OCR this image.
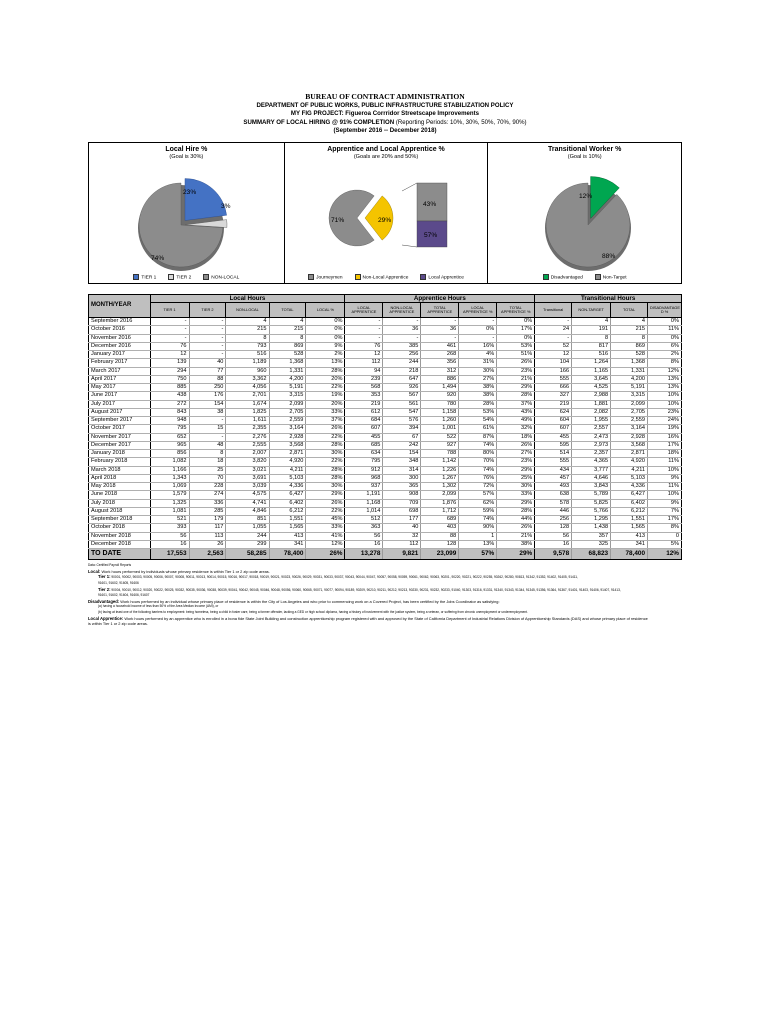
BUREAU OF CONTRACT ADMINISTRATION
DEPARTMENT OF PUBLIC WORKS, PUBLIC INFRASTRUCTURE STABILIZATION POLICY
MY FIG PROJECT: Figueroa Corrridor Streetscape Improvements
SUMMARY OF LOCAL HIRING @ 91% COMPLETION (Reporting Periods: 10%, 30%, 50%, 70%, 90%)
(September 2016 -- December 2018)
Local Hire %
(Goal is 30%)
23%
3%
74%
TIER 1	TIER 2	NON-LOCAL
Apprentice and Local Apprentice %
(Goals are 20% and 50%)
71%	29%
43%
57%
Journeymen	Non-Local Apprentice	Local Apprentice
Transitional Worker %
(Goal is 10%)
12%
88%
Disadvantaged	Non-Target
MONTH/YEAR	Local Hours					Apprentice Hours					Transitional Hours			
	TIER 1	TIER 2	NON-LOCAL	TOTAL	LOCAL %	LOCAL APPRENTICE	NON-LOCAL APPRENTICE	TOTAL APPRENTICE	LOCAL APPRENTICE %	TOTAL APPRENTICE %	Transitional	NON-TARGET	TOTAL	DISADVANTAGE D %
September 2016	-	-	4	4	0%	-	-	-	-	0%	-	4	4	0%
October 2016	-	-	215	215	0%	-	36	36	0%	17%	24	191	215	11%
November 2016	-	-	8	8	0%	-	-	-	-	0%	-	8	8	0%
December 2016	76	-	793	869	9%	76	385	461	16%	53%	52	817	869	6%
January 2017	12	-	516	528	2%	12	256	268	4%	51%	12	516	528	2%
February 2017	139	40	1,189	1,368	13%	112	244	356	31%	26%	104	1,264	1,368	8%
March 2017	294	77	960	1,331	28%	94	218	312	30%	23%	166	1,165	1,331	12%
April 2017	750	88	3,362	4,200	20%	239	647	886	27%	21%	555	3,645	4,200	13%
May 2017	885	250	4,056	5,191	22%	568	926	1,494	38%	29%	666	4,525	5,191	13%
June 2017	438	176	2,701	3,315	19%	353	567	920	38%	28%	327	2,988	3,315	10%
July 2017	272	154	1,674	2,099	20%	219	561	780	28%	37%	219	1,881	2,099	10%
August 2017	843	38	1,825	2,705	33%	612	547	1,158	53%	43%	624	2,082	2,705	23%
September 2017	948	-	1,611	2,559	37%	684	576	1,260	54%	49%	604	1,955	2,559	24%
October 2017	795	15	2,355	3,164	26%	607	394	1,001	61%	32%	607	2,557	3,164	19%
November 2017	652	-	2,276	2,928	22%	455	67	522	87%	18%	455	2,473	2,928	16%
December 2017	965	48	2,555	3,568	28%	685	242	927	74%	26%	595	2,973	3,568	17%
January 2018	856	8	2,007	2,871	30%	634	154	788	80%	27%	514	2,357	2,871	18%
February 2018	1,082	18	3,820	4,920	22%	795	348	1,142	70%	23%	555	4,365	4,920	11%
March 2018	1,166	25	3,021	4,211	28%	912	314	1,226	74%	29%	434	3,777	4,211	10%
April 2018	1,343	70	3,691	5,103	28%	968	300	1,267	76%	25%	457	4,646	5,103	9%
May 2018	1,069	228	3,039	4,336	30%	937	365	1,302	72%	30%	493	3,843	4,336	11%
June 2018	1,579	274	4,575	6,427	29%	1,191	908	2,099	57%	33%	638	5,789	6,427	10%
July 2018	1,325	336	4,741	6,402	26%	1,168	709	1,876	62%	29%	578	5,825	6,402	9%
August 2018	1,081	285	4,846	6,212	22%	1,014	698	1,712	59%	28%	446	5,766	6,212	7%
September 2018	521	179	851	1,551	45%	512	177	689	74%	44%	256	1,295	1,551	17%
October 2018	393	117	1,055	1,565	33%	363	40	403	90%	26%	128	1,438	1,565	8%
November 2018	56	113	244	413	41%	56	32	88	1	21%	56	357	413	0
December 2018	16	26	299	341	12%	16	112	128	13%	38%	16	325	341	5%
TO DATE	17,553	2,563	58,285	78,400	26%	13,278	9,821	23,099	57%	29%	9,578	68,823	78,400	12%
Data: Certified Payroll Reports
Local: Work hours performed by individuals whose primary residence is within Tier 1 or 2 zip code areas.
Tier 1: 90001, 90002, 90003, 90005, 90006, 90007, 90008, 90011, 90013, 90014, 90015, 90016, 90017, 90018, 90019, 90021, 90023, 90026, 90029, 90031, 90033, 90037, 90043, 90044, 90047, 90057, 90058, 90059, 90061, 90062, 90063, 90201, 90220, 90221, 90222, 90255, 90262, 90280, 90813, 91342, 91352, 91402, 91405, 91411,
91601, 91602, 91605, 91606
Tier 2: 90004, 90010, 90012, 90020, 90022, 90025, 90032, 90035, 90036, 90038, 90039, 90041, 90042, 90045, 90046, 90048, 90056, 90060, 90065, 90071, 90077, 90094, 90189, 90209, 90210, 90211, 90212, 90213, 90230, 90231, 90232, 90233, 91040, 91303, 91316, 91331, 91340, 91343, 91344, 91345, 91356, 91364, 91367, 91401, 91403, 91406, 91407, 91413,
91601, 91602, 91604, 91606, 91607
Disadvantaged: Work hours performed by an individual whose primary place of residence is within the City of Los Angeles and who prior to commencing work on a Covered Project, has been certified by the Jobs Coordinator as satisfying:
(a) having a household income of less than 50% of the Area Median Income (AMI), or
(b) facing at least one of the following barriers to employment: being homeless, being a child in foster care, being a former offender, lacking a GED or high school diploma, having a history of involvement with the justice system, being a veteran, or suffering from chronic unemployment or underemployment.
Local Apprentice: Work hours performed by an apprentice who is enrolled in a bona fide State Joint Building and construction apprenticeship program registered with and approved by the State of California Department of Industrial Relations Division of Apprenticeship Standards (DAS) and whose primary place of residence
is within Tier 1 or 2 zip code areas.
